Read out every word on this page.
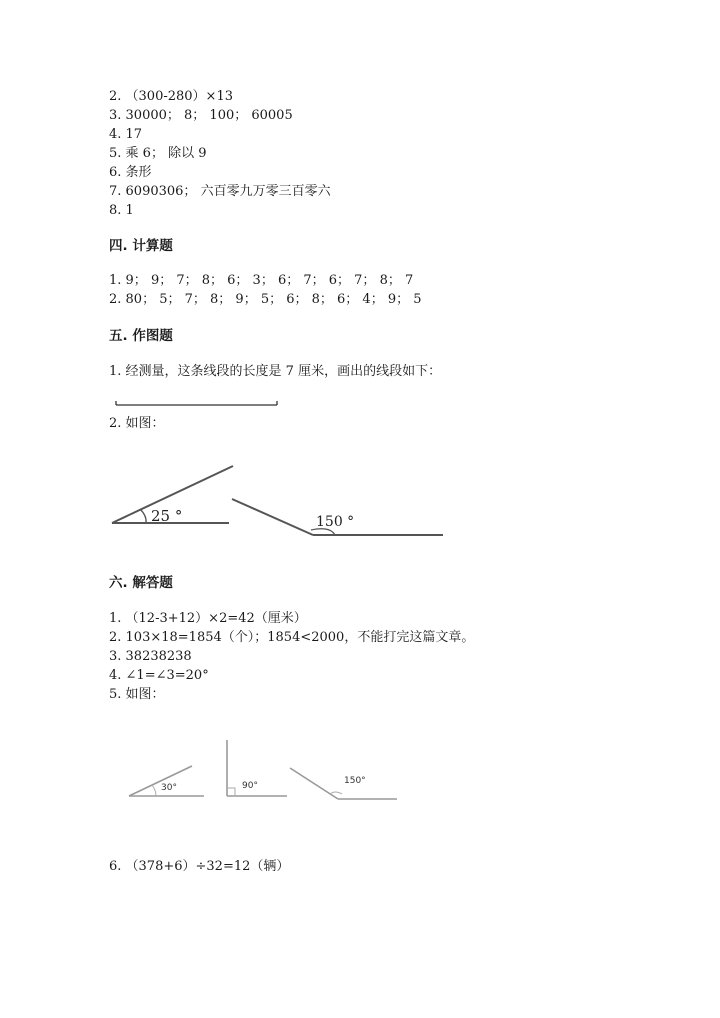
2. （300-280）×13
3. 30000； 8； 100； 60005
4. 17
5. 乘 6； 除以 9
6. 条形
7. 6090306； 六百零九万零三百零六
8. 1
四. 计算题
1. 9； 9； 7； 8； 6； 3； 6； 7； 6； 7； 8； 7
2. 80； 5； 7； 8； 9； 5； 6； 8； 6； 4； 9； 5
五. 作图题
1. 经测量，这条线段的长度是 7 厘米，画出的线段如下：
2. 如图：
25 °	150 °
六. 解答题
1. （12-3+12）×2=42（厘米）
2. 103×18=1854（个）；1854<2000，不能打完这篇文章。
3. 38238238
4. ∠1=∠3=20°
5. 如图：
30°	90°	150°
6. （378+6）÷32=12（辆）
